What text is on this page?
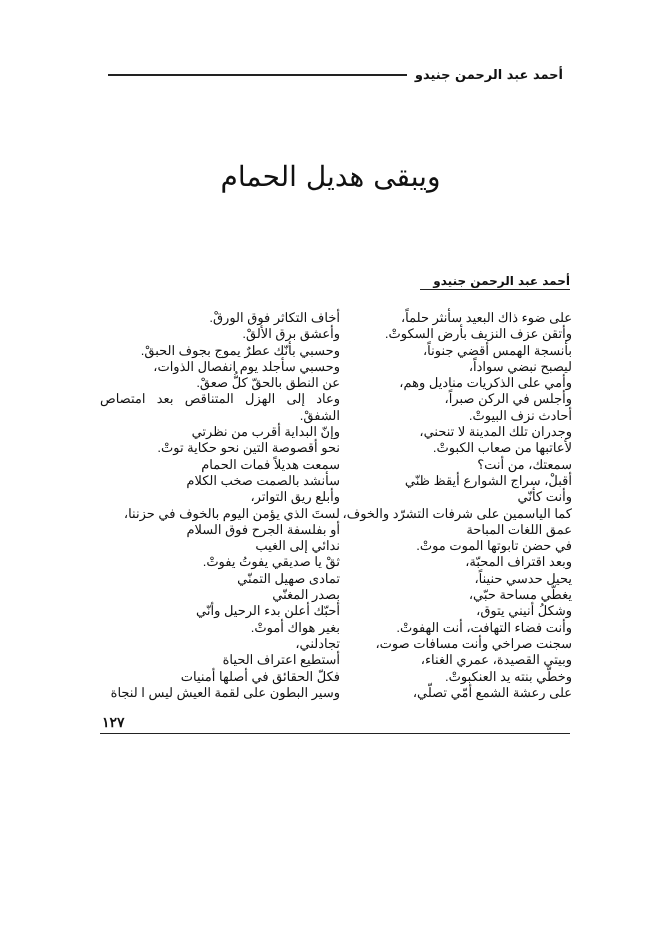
أحمد عبد الرحمن جنيدو
ويبقى هديل الحمام
أحمد عبد الرحمن جنيدو
على ضوء ذاك البعيد سأنثر حلماً،
وأتقن عزف النزيف بأرض السكوتْ.
بأنسجة الهمس أقضي جنوناً،
ليصبح نبضي سواداً،
وأمي على الذكريات مناديل وهم،
وأجلس في الركن صبراً،
أحادث نزف البيوتْ.
وجدران تلك المدينة لا تنحني،
لأعاتبها من صعاب الكبوتْ.
سمعتك، من أنت؟
أقبلْ، سراج الشوارع أيقظ ظنّي
وأنت كأنّي
كما الياسمين على شرفات التشرّد والخوف،
عمق اللغات المباحة
في حضن تابوتها الموت موتْ.
وبعد اقتراف المحبّة،
يحيل حدسي حنيناً،
يغطّي مساحة حبّي،
وشكلُ أنيني يتوق،
وأنت فضاء التهافت، أنت الهفوتْ.
سجنت صراخي وأنت مسافات صوت،
وبيتي القصيدة، عمري الغناء،
وخطّي بنته يد العنكبوتْ.
على رعشة الشمع أمّي تصلّي،
أخاف التكاثر فوق الورقْ.
وأعشق برق الألقْ.
وحسبي بأنّك عطرٌ يموج بجوف الحبقْ.
وحسبي سأجلد يوم انفصال الذوات،
عن النطق بالحقّ كلُّ صعقْ.
وعاد إلى الهزل المتناقص بعد امتصاص
الشفقْ.
وإنّ البداية أقرب من نظرتي
نحو أقصوصة التين نحو حكاية توتْ.
سمعت هديلاً فمات الحمام
سأنشد بالصمت صخب الكلام
وأبلع ريق التواتر،
لستَ الذي يؤمن اليوم بالخوف في حزننا،
أو بفلسفة الجرح فوق السلام
ندائي إلى الغيب
ثقْ يا صديقي يفوتُ يفوتْ.
تمادى صهيل التمنّي
بصدر المغنّي
أحبّك أعلن بدء الرحيل وأنّي
بغير هواك أموتْ.
تجادلني،
أستطيع اعتراف الحياة
فكلّ الحقائق في أصلها أمنيات
وسير البطون على لقمة العيش ليس ا لنجاة
١٢٧
